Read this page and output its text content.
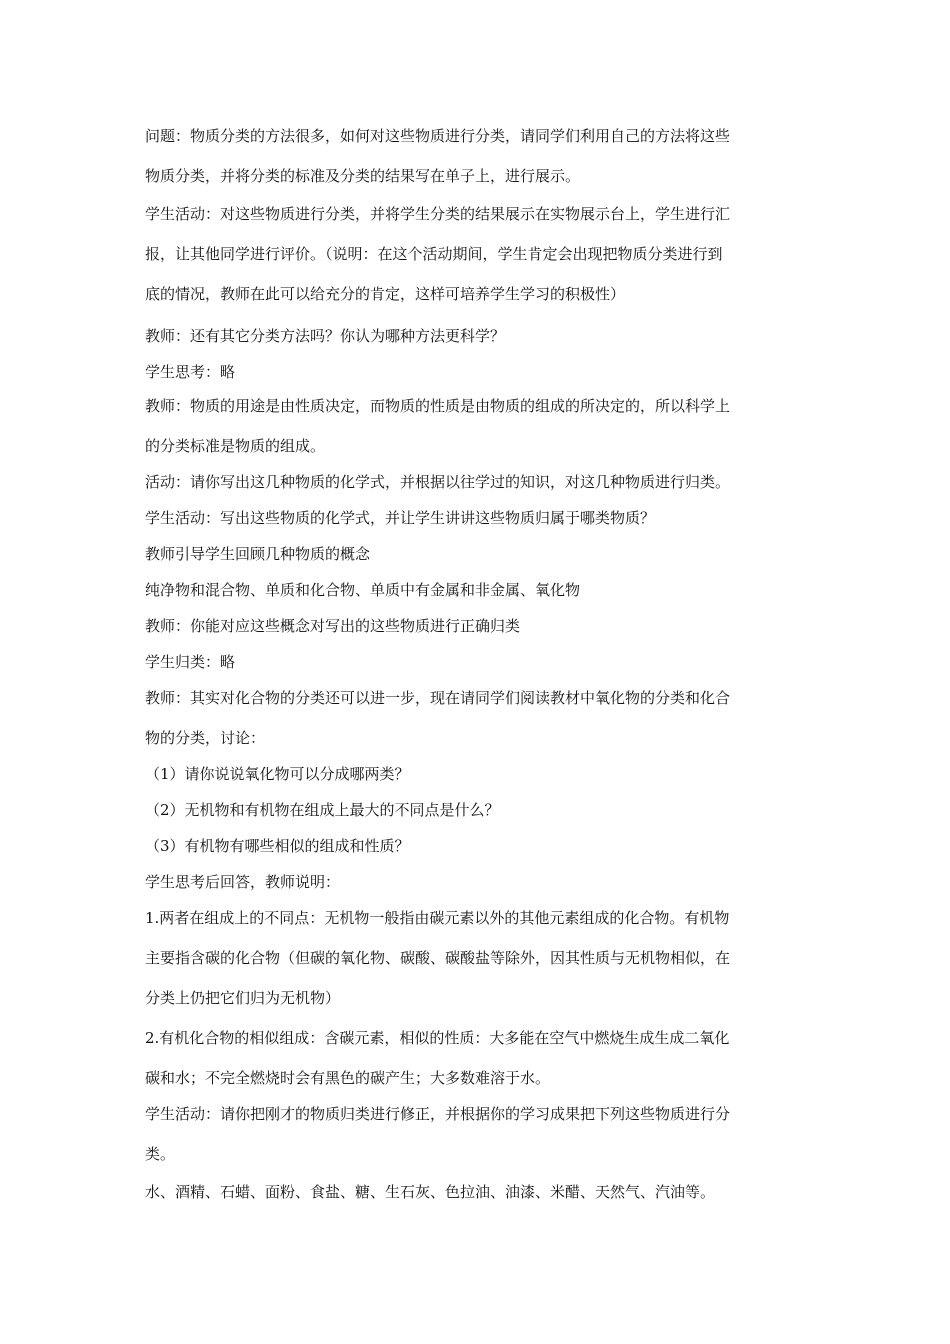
问题：物质分类的方法很多，如何对这些物质进行分类，请同学们利用自己的方法将这些
物质分类，并将分类的标准及分类的结果写在单子上，进行展示。
学生活动：对这些物质进行分类，并将学生分类的结果展示在实物展示台上，学生进行汇
报，让其他同学进行评价。（说明：在这个活动期间，学生肯定会出现把物质分类进行到
底的情况，教师在此可以给充分的肯定，这样可培养学生学习的积极性）
教师：还有其它分类方法吗？你认为哪种方法更科学？
学生思考：略
教师：物质的用途是由性质决定，而物质的性质是由物质的组成的所决定的，所以科学上
的分类标准是物质的组成。
活动：请你写出这几种物质的化学式，并根据以往学过的知识，对这几种物质进行归类。
学生活动：写出这些物质的化学式，并让学生讲讲这些物质归属于哪类物质？
教师引导学生回顾几种物质的概念
纯净物和混合物、单质和化合物、单质中有金属和非金属、氧化物
教师：你能对应这些概念对写出的这些物质进行正确归类
学生归类：略
教师：其实对化合物的分类还可以进一步，现在请同学们阅读教材中氧化物的分类和化合
物的分类，讨论：
（1）请你说说氧化物可以分成哪两类？
（2）无机物和有机物在组成上最大的不同点是什么？
（3）有机物有哪些相似的组成和性质？
学生思考后回答，教师说明：
1.两者在组成上的不同点：无机物一般指由碳元素以外的其他元素组成的化合物。有机物
主要指含碳的化合物（但碳的氧化物、碳酸、碳酸盐等除外，因其性质与无机物相似，在
分类上仍把它们归为无机物）
2.有机化合物的相似组成：含碳元素，相似的性质：大多能在空气中燃烧生成生成二氧化
碳和水；不完全燃烧时会有黑色的碳产生；大多数难溶于水。
学生活动：请你把刚才的物质归类进行修正，并根据你的学习成果把下列这些物质进行分
类。
水、酒精、石蜡、面粉、食盐、糖、生石灰、色拉油、油漆、米醋、天然气、汽油等。
